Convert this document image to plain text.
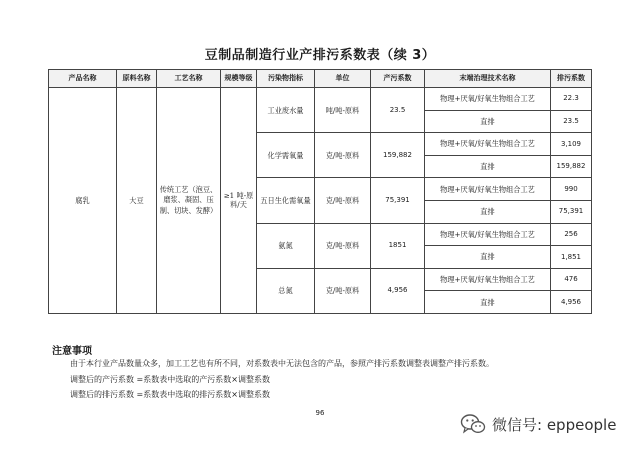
豆制品制造行业产排污系数表（续 3）
产品名称	原料名称	工艺名称	规模等级	污染物指标	单位	产污系数	末端治理技术名称	排污系数
腐乳	大豆	传统工艺（泡豆、磨浆、凝固、压制、切块、发酵）	≥1 吨-原料/天	工业废水量	吨/吨-原料	23.5	物理+厌氧/好氧生物组合工艺	22.3
							直排	23.5
				化学需氧量	克/吨-原料	159,882	物理+厌氧/好氧生物组合工艺	3,109
							直排	159,882
				五日生化需氧量	克/吨-原料	75,391	物理+厌氧/好氧生物组合工艺	990
							直排	75,391
				氨氮	克/吨-原料	1851	物理+厌氧/好氧生物组合工艺	256
							直排	1,851
				总氮	克/吨-原料	4,956	物理+厌氧/好氧生物组合工艺	476
							直排	4,956
注意事项
由于本行业产品数量众多，加工工艺也有所不同，对系数表中无法包含的产品，参照产排污系数调整表调整产排污系数。
调整后的产污系数 =系数表中选取的产污系数×调整系数
调整后的排污系数 =系数表中选取的排污系数×调整系数
96
微信号: eppeople
